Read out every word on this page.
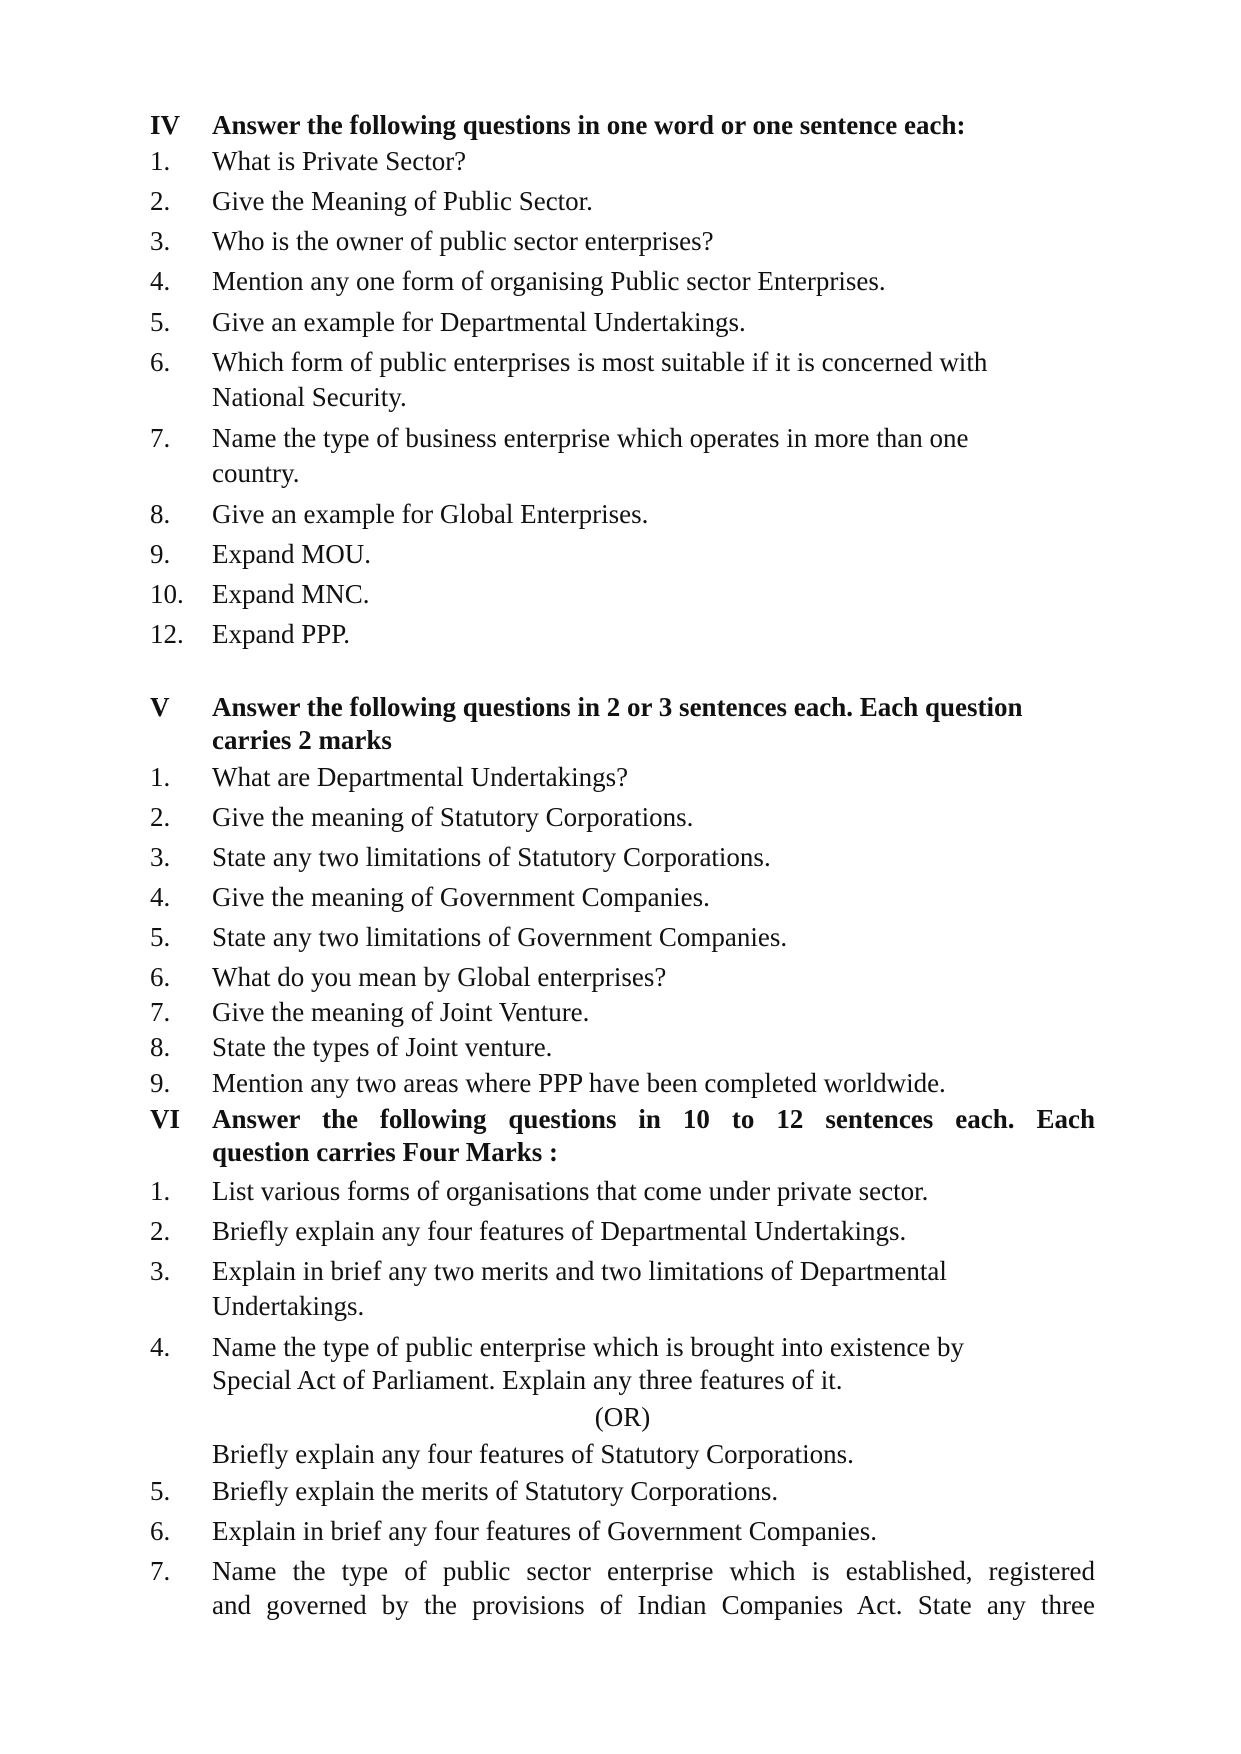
IV	Answer the following questions in one word or one sentence each:
1.	What is Private Sector?
2.	Give the Meaning of Public Sector.
3.	Who is the owner of public sector enterprises?
4.	Mention any one form of organising Public sector Enterprises.
5.	Give an example for Departmental Undertakings.
6.	Which form of public enterprises is most suitable if it is concerned with
National Security.
7.	Name the type of business enterprise which operates in more than one
country.
8.	Give an example for Global Enterprises.
9.	Expand MOU.
10.	Expand MNC.
12.	Expand PPP.
V	Answer the following questions in 2 or 3 sentences each. Each question
carries 2 marks
1.	What are Departmental Undertakings?
2.	Give the meaning of Statutory Corporations.
3.	State any two limitations of Statutory Corporations.
4.	Give the meaning of Government Companies.
5.	State any two limitations of Government Companies.
6.	What do you mean by Global enterprises?
7.	Give the meaning of Joint Venture.
8.	State the types of Joint venture.
9.	Mention any two areas where PPP have been completed worldwide.
VI	Answer the following questions in 10 to 12 sentences each. Each
question carries Four Marks :
1.	List various forms of organisations that come under private sector.
2.	Briefly explain any four features of Departmental Undertakings.
3.	Explain in brief any two merits and two limitations of Departmental
Undertakings.
4.	Name the type of public enterprise which is brought into existence by
Special Act of Parliament. Explain any three features of it.
(OR)
Briefly explain any four features of Statutory Corporations.
5.	Briefly explain the merits of Statutory Corporations.
6.	Explain in brief any four features of Government Companies.
7.	Name the type of public sector enterprise which is established, registered
and governed by the provisions of Indian Companies Act. State any three
